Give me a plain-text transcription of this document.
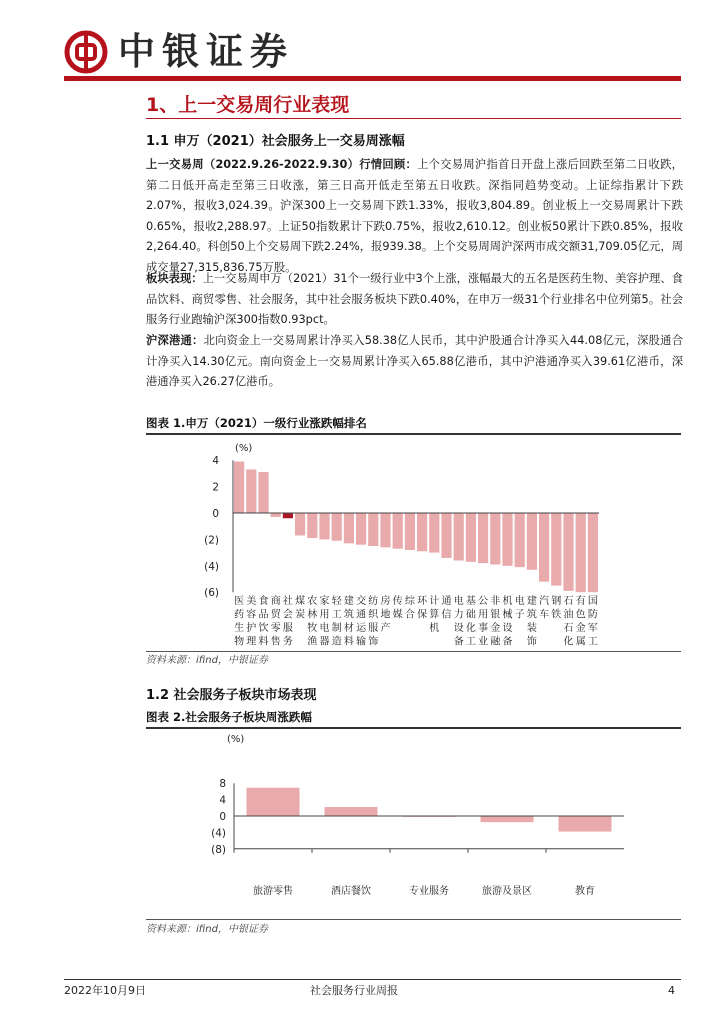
中银证券
1、上一交易周行业表现
1.1 申万（2021）社会服务上一交易周涨幅
上一交易周（2022.9.26-2022.9.30）行情回顾：上个交易周沪指首日开盘上涨后回跌至第二日收跌，第二日低开高走至第三日收涨，第三日高开低走至第五日收跌。深指同趋势变动。上证综指累计下跌2.07%，报收3,024.39。沪深300上一交易周下跌1.33%，报收3,804.89。创业板上一交易周累计下跌0.65%，报收2,288.97。上证50指数累计下跌0.75%，报收2,610.12。创业板50累计下跌0.85%，报收2,264.40。科创50上个交易周下跌2.24%，报939.38。上个交易周周沪深两市成交额31,709.05亿元，周成交量27,315,836.75万股。
板块表现：上一交易周申万（2021）31个一级行业中3个上涨，涨幅最大的五名是医药生物、美容护理、食品饮料、商贸零售、社会服务，其中社会服务板块下跌0.40%，在申万一级31个行业排名中位列第5。社会服务行业跑输沪深300指数0.93pct。
沪深港通：北向资金上一交易周累计净买入58.38亿人民币，其中沪股通合计净买入44.08亿元，深股通合计净买入14.30亿元。南向资金上一交易周累计净买入65.88亿港币，其中沪港通净买入39.61亿港币，深港通净买入26.27亿港币。
图表 1.申万（2021）一级行业涨跌幅排名
(%)
4
2
0
(2)
(4)
(6)
医药生物
美容护理
食品饮料
商贸零售
社会服务
煤炭
农林牧渔
家用电器
轻工制造
建筑材料
交通运输
纺织服饰
房地产
传媒
综合
环保
计算机
通信
电力设备
基础化工
公用事业
非银金融
机械设备
电子
建筑装饰
汽车
钢铁
石油石化
有色金属
国防军工
资料来源：ifind，中银证券
1.2 社会服务子板块市场表现
图表 2.社会服务子板块周涨跌幅
(%)
8
4
0
(4)
(8)
旅游零售	酒店餐饮	专业服务	旅游及景区	教育
资料来源：ifind，中银证券
2022年10月9日	社会服务行业周报	4
